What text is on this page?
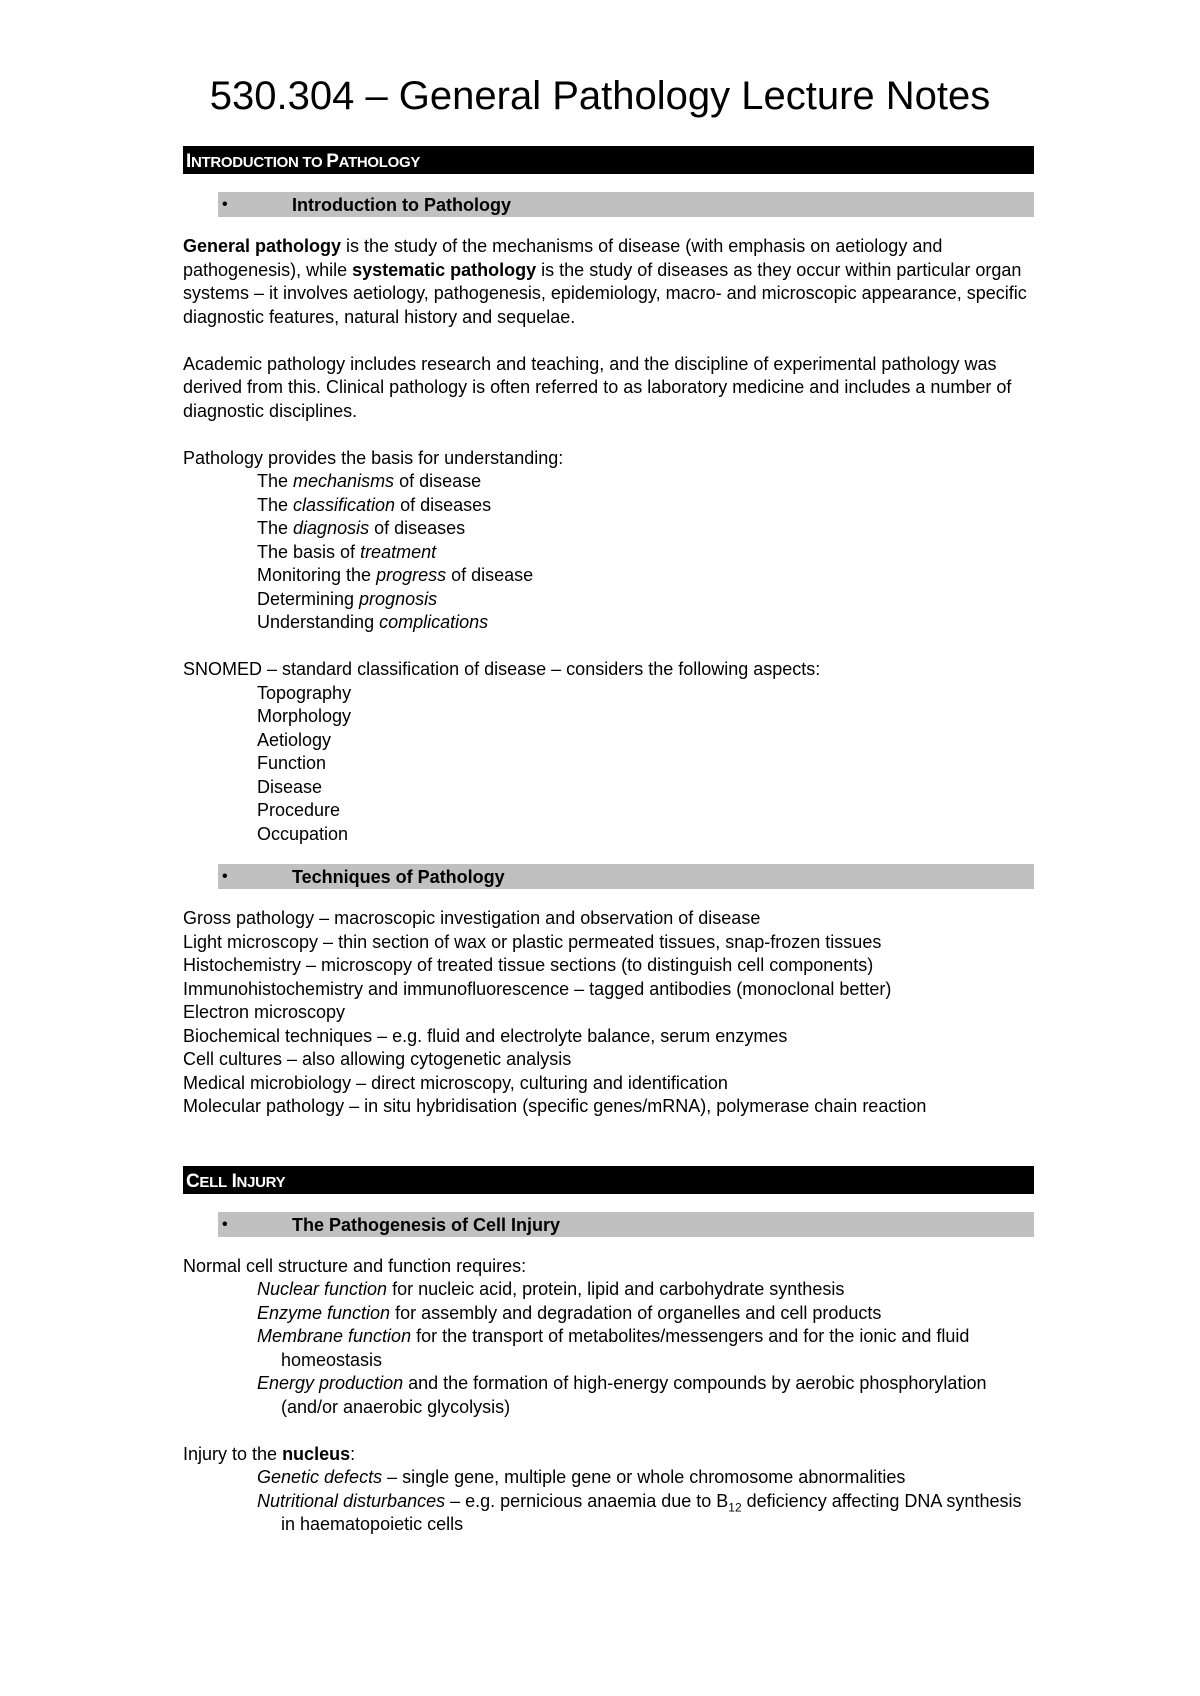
530.304 – General Pathology Lecture Notes
INTRODUCTION TO PATHOLOGY
•	Introduction to Pathology

General pathology is the study of the mechanisms of disease (with emphasis on aetiology and pathogenesis), while systematic pathology is the study of diseases as they occur within particular organ systems – it involves aetiology, pathogenesis, epidemiology, macro- and microscopic appearance, specific diagnostic features, natural history and sequelae.

Academic pathology includes research and teaching, and the discipline of experimental pathology was derived from this. Clinical pathology is often referred to as laboratory medicine and includes a number of diagnostic disciplines.

Pathology provides the basis for understanding:

The mechanisms of disease

The classification of diseases

The diagnosis of diseases

The basis of treatment

Monitoring the progress of disease

Determining prognosis

Understanding complications

SNOMED – standard classification of disease – considers the following aspects:

Topography

Morphology

Aetiology

Function

Disease

Procedure

Occupation

•	Techniques of Pathology

Gross pathology – macroscopic investigation and observation of disease

Light microscopy – thin section of wax or plastic permeated tissues, snap-frozen tissues

Histochemistry – microscopy of treated tissue sections (to distinguish cell components)

Immunohistochemistry and immunofluorescence – tagged antibodies (monoclonal better)

Electron microscopy

Biochemical techniques – e.g. fluid and electrolyte balance, serum enzymes

Cell cultures – also allowing cytogenetic analysis

Medical microbiology – direct microscopy, culturing and identification

Molecular pathology – in situ hybridisation (specific genes/mRNA), polymerase chain reaction

CELL INJURY
•	The Pathogenesis of Cell Injury

Normal cell structure and function requires:

Nuclear function for nucleic acid, protein, lipid and carbohydrate synthesis

Enzyme function for assembly and degradation of organelles and cell products

Membrane function for the transport of metabolites/messengers and for the ionic and fluid homeostasis

Energy production and the formation of high-energy compounds by aerobic phosphorylation (and/or anaerobic glycolysis)

Injury to the nucleus:

Genetic defects – single gene, multiple gene or whole chromosome abnormalities

Nutritional disturbances – e.g. pernicious anaemia due to $B_{12}$ deficiency affecting DNA synthesis in haematopoietic cells
